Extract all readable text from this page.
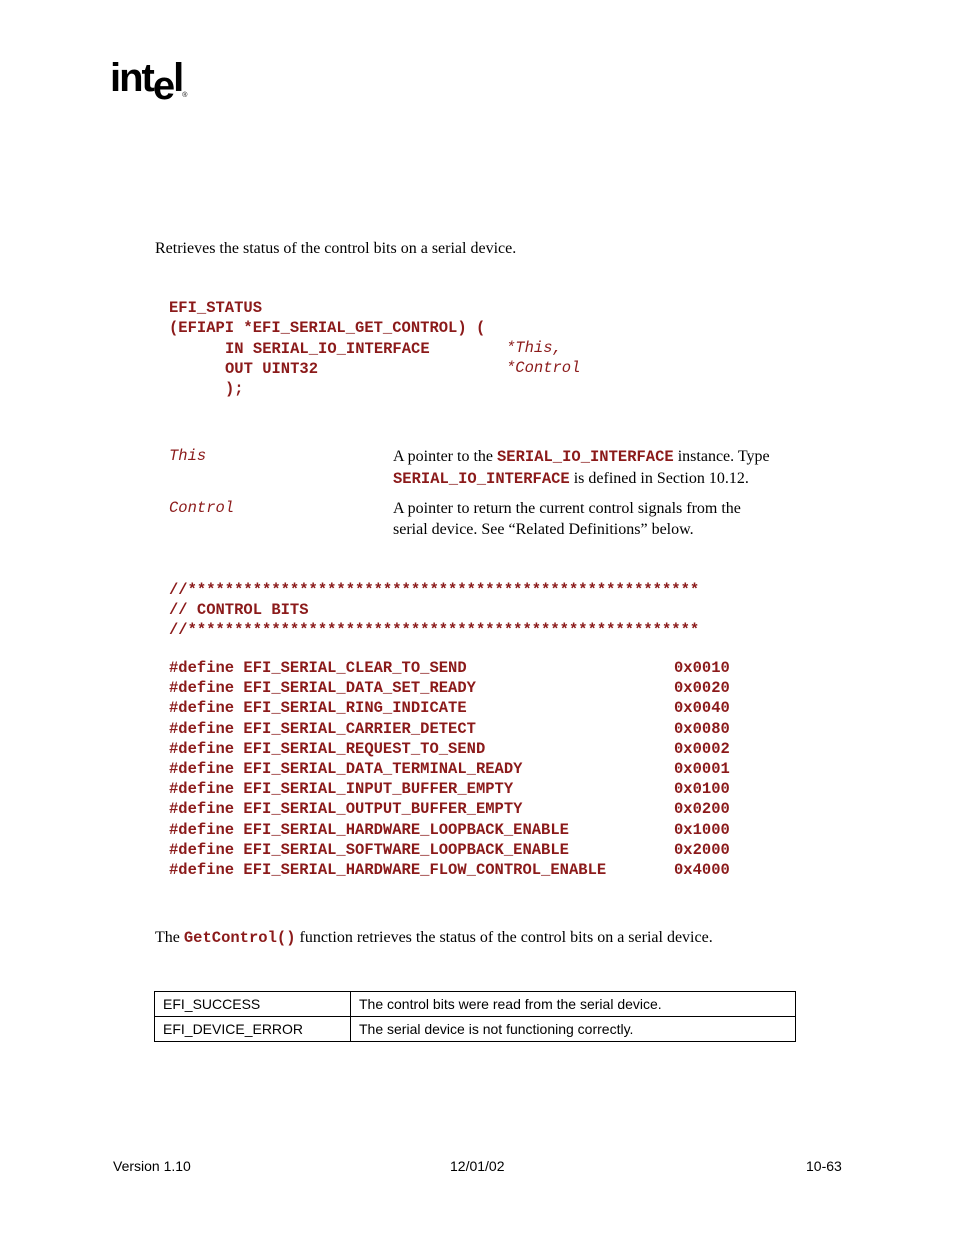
intel®
Retrieves the status of the control bits on a serial device.
EFI_STATUS
(EFIAPI *EFI_SERIAL_GET_CONTROL) (
IN SERIAL_IO_INTERFACE	*This,
OUT UINT32	*Control
);
This	A pointer to the SERIAL_IO_INTERFACE instance. Type
SERIAL_IO_INTERFACE is defined in Section 10.12.
Control	A pointer to return the current control signals from the
serial device. See “Related Definitions” below.
//*******************************************************
// CONTROL BITS
//*******************************************************
#define EFI_SERIAL_CLEAR_TO_SEND	0x0010
#define EFI_SERIAL_DATA_SET_READY	0x0020
#define EFI_SERIAL_RING_INDICATE	0x0040
#define EFI_SERIAL_CARRIER_DETECT	0x0080
#define EFI_SERIAL_REQUEST_TO_SEND	0x0002
#define EFI_SERIAL_DATA_TERMINAL_READY	0x0001
#define EFI_SERIAL_INPUT_BUFFER_EMPTY	0x0100
#define EFI_SERIAL_OUTPUT_BUFFER_EMPTY	0x0200
#define EFI_SERIAL_HARDWARE_LOOPBACK_ENABLE	0x1000
#define EFI_SERIAL_SOFTWARE_LOOPBACK_ENABLE	0x2000
#define EFI_SERIAL_HARDWARE_FLOW_CONTROL_ENABLE	0x4000
The GetControl() function retrieves the status of the control bits on a serial device.
EFI_SUCCESS	The control bits were read from the serial device.
EFI_DEVICE_ERROR	The serial device is not functioning correctly.
Version 1.10	12/01/02	10-63
